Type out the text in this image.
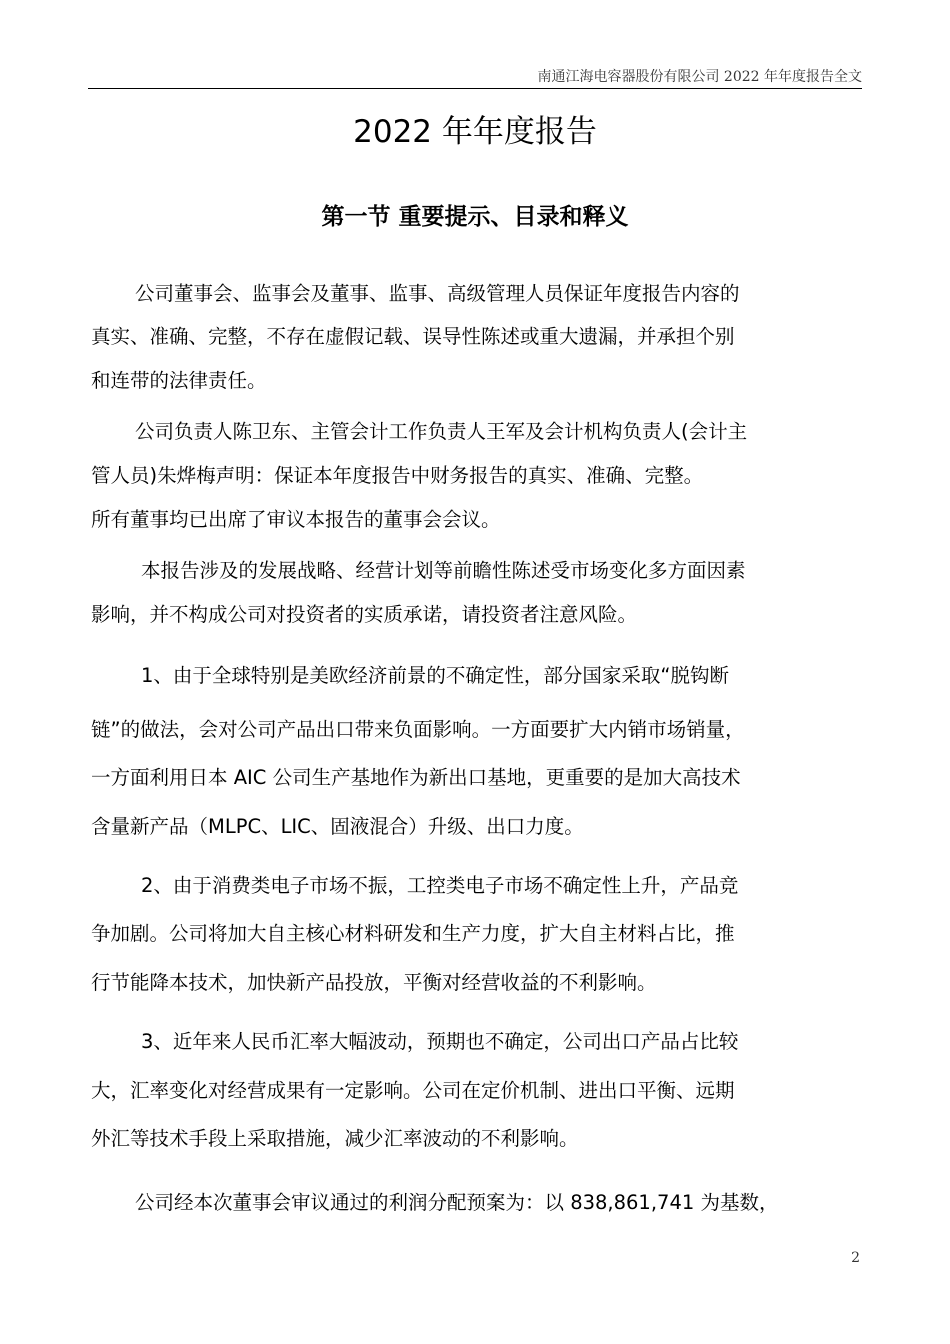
南通江海电容器股份有限公司 2022 年年度报告全文
2022 年年度报告
第一节 重要提示、目录和释义
公司董事会、监事会及董事、监事、高级管理人员保证年度报告内容的
真实、准确、完整，不存在虚假记载、误导性陈述或重大遗漏，并承担个别
和连带的法律责任。
公司负责人陈卫东、主管会计工作负责人王军及会计机构负责人(会计主
管人员)朱烨梅声明：保证本年度报告中财务报告的真实、准确、完整。
所有董事均已出席了审议本报告的董事会会议。
本报告涉及的发展战略、经营计划等前瞻性陈述受市场变化多方面因素
影响，并不构成公司对投资者的实质承诺，请投资者注意风险。
1、由于全球特别是美欧经济前景的不确定性，部分国家采取“脱钩断
链”的做法，会对公司产品出口带来负面影响。一方面要扩大内销市场销量，
一方面利用日本 AIC 公司生产基地作为新出口基地，更重要的是加大高技术
含量新产品（MLPC、LIC、固液混合）升级、出口力度。
2、由于消费类电子市场不振，工控类电子市场不确定性上升，产品竞
争加剧。公司将加大自主核心材料研发和生产力度，扩大自主材料占比，推
行节能降本技术，加快新产品投放，平衡对经营收益的不利影响。
3、近年来人民币汇率大幅波动，预期也不确定，公司出口产品占比较
大，汇率变化对经营成果有一定影响。公司在定价机制、进出口平衡、远期
外汇等技术手段上采取措施，减少汇率波动的不利影响。
公司经本次董事会审议通过的利润分配预案为：以 838,861,741 为基数，
2
